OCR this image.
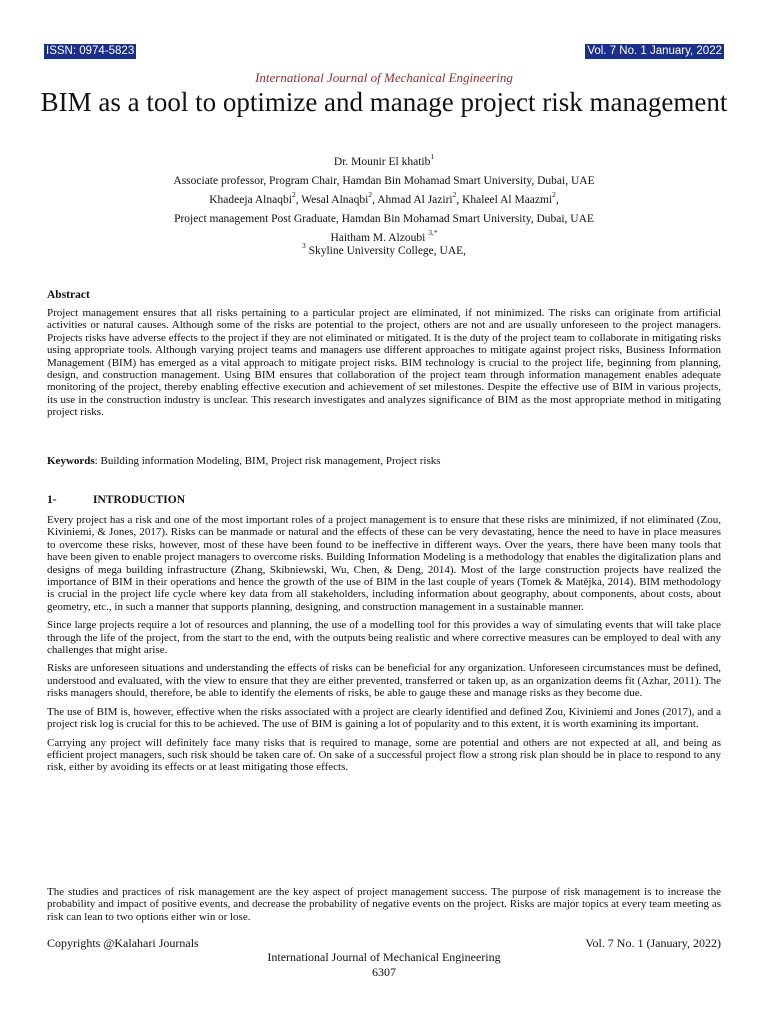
ISSN: 0974-5823	Vol. 7 No. 1 January, 2022
International Journal of Mechanical Engineering
BIM as a tool to optimize and manage project risk management
Dr. Mounir El khatib$^1$
Associate professor, Program Chair, Hamdan Bin Mohamad Smart University, Dubai, UAE
Khadeeja Alnaqbi$^2$, Wesal Alnaqbi$^2$, Ahmad Al Jaziri$^2$, Khaleel Al Maazmi$^2$,
Project management Post Graduate, Hamdan Bin Mohamad Smart University, Dubai, UAE
Haitham M. Alzoubi $^{3,*}$
$^3$ Skyline University College, UAE,
Abstract

Project management ensures that all risks pertaining to a particular project are eliminated, if not minimized. The risks can originate from artificial activities or natural causes. Although some of the risks are potential to the project, others are not and are usually unforeseen to the project managers. Projects risks have adverse effects to the project if they are not eliminated or mitigated. It is the duty of the project team to collaborate in mitigating risks using appropriate tools. Although varying project teams and managers use different approaches to mitigate against project risks, Business Information Management (BIM) has emerged as a vital approach to mitigate project risks. BIM technology is crucial to the project life, beginning from planning, design, and construction management. Using BIM ensures that collaboration of the project team through information management enables adequate monitoring of the project, thereby enabling effective execution and achievement of set milestones. Despite the effective use of BIM in various projects, its use in the construction industry is unclear. This research investigates and analyzes significance of BIM as the most appropriate method in mitigating project risks.

Keywords: Building information Modeling, BIM, Project risk management, Project risks
1-	INTRODUCTION

Every project has a risk and one of the most important roles of a project management is to ensure that these risks are minimized, if not eliminated (Zou, Kiviniemi, & Jones, 2017). Risks can be manmade or natural and the effects of these can be very devastating, hence the need to have in place measures to overcome these risks, however, most of these have been found to be ineffective in different ways. Over the years, there have been many tools that have been given to enable project managers to overcome risks. Building Information Modeling is a methodology that enables the digitalization plans and designs of mega building infrastructure (Zhang, Skibniewski, Wu, Chen, & Deng, 2014). Most of the large construction projects have realized the importance of BIM in their operations and hence the growth of the use of BIM in the last couple of years (Tomek & Matějka, 2014). BIM methodology is crucial in the project life cycle where key data from all stakeholders, including information about geography, about components, about costs, about geometry, etc., in such a manner that supports planning, designing, and construction management in a sustainable manner.

Since large projects require a lot of resources and planning, the use of a modelling tool for this provides a way of simulating events that will take place through the life of the project, from the start to the end, with the outputs being realistic and where corrective measures can be employed to deal with any challenges that might arise.

Risks are unforeseen situations and understanding the effects of risks can be beneficial for any organization. Unforeseen circumstances must be defined, understood and evaluated, with the view to ensure that they are either prevented, transferred or taken up, as an organization deems fit (Azhar, 2011). The risks managers should, therefore, be able to identify the elements of risks, be able to gauge these and manage risks as they become due.

The use of BIM is, however, effective when the risks associated with a project are clearly identified and defined Zou, Kiviniemi and Jones (2017), and a project risk log is crucial for this to be achieved. The use of BIM is gaining a lot of popularity and to this extent, it is worth examining its important.

Carrying any project will definitely face many risks that is required to manage, some are potential and others are not expected at all, and being as efficient project managers, such risk should be taken care of. On sake of a successful project flow a strong risk plan should be in place to respond to any risk, either by avoiding its effects or at least mitigating those effects.

The studies and practices of risk management are the key aspect of project management success. The purpose of risk management is to increase the probability and impact of positive events, and decrease the probability of negative events on the project. Risks are major topics at every team meeting as risk can lean to two options either win or lose.

Copyrights @Kalahari Journals	Vol. 7 No. 1 (January, 2022)
International Journal of Mechanical Engineering
6307
